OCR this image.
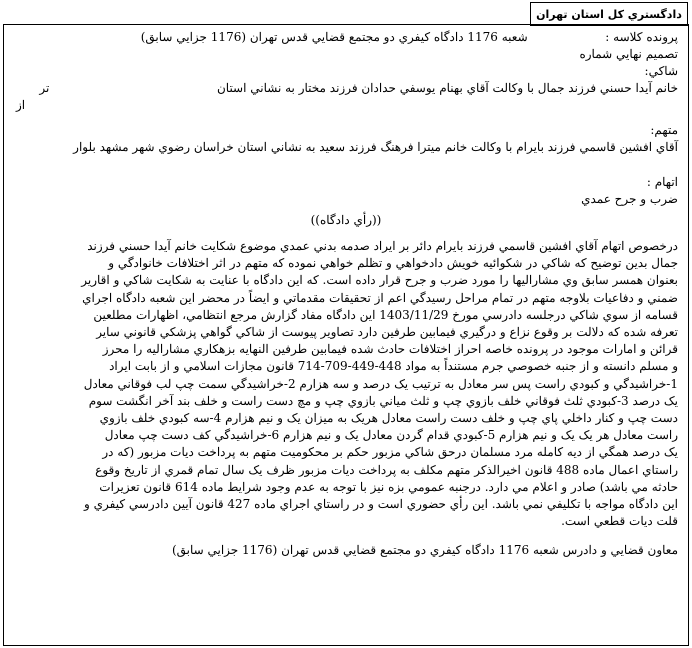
دادگستري کل استان تهران
پرونده کلاسه :  شعبه 1176 دادگاه کيفري دو مجتمع قضايي قدس تهران (1176 جزايي سابق)
تصميم نهايي شماره
شاکي:
خانم آيدا حسني فرزند جمال با وکالت آقاي بهنام يوسفي حدادان فرزند مختار به نشاني استان  تر
از
متهم:
آقاي افشين قاسمي فرزند بايرام با وکالت خانم ميترا فرهنگ فرزند سعيد به نشاني استان خراسان رضوي شهر مشهد بلوار
اتهام :
ضرب و جرح عمدي
((رأي دادگاه))
درخصوص اتهام آقاي افشين قاسمي فرزند بايرام دائر بر ايراد صدمه بدني عمدي موضوع شکايت خانم آيدا حسني فرزند
جمال بدين توضيح که شاکي در شکوائيه خويش دادخواهي و تظلم خواهي نموده که متهم در اثر اختلافات خانوادگي و
بعنوان همسر سابق وي مشاراليها را مورد ضرب و جرح قرار داده است. که اين دادگاه با عنايت به شکايت شاکي و اقارير
ضمني و دفاعيات بلاوجه متهم در تمام مراحل رسيدگي اعم از تحقيقات مقدماتي و ايضاً در محضر اين شعبه دادگاه اجراي
قسامه از سوي شاکي درجلسه دادرسي مورخ 1403/11/29 اين دادگاه مفاد گزارش مرجع انتظامي، اظهارات مطلعين
تعرفه شده که دلالت بر وقوع نزاع و درگيري فيمابين طرفين دارد تصاوير پيوست از شاکي گواهي پزشکي قانوني ساير
قرائن و امارات موجود در پرونده خاصه احراز اختلافات حادث شده فيمابين طرفين النهايه بزهکاري مشاراليه را محرز
و مسلم دانسته و از جنبه خصوصي جرم مستنداً به مواد 448-449-709-714 قانون مجازات اسلامي و از بابت ايراد
1-خراشيدگي و کبودي راست پس سر معادل به ترتيب يک درصد و سه هزارم 2-خراشيدگي سمت چپ لب فوقاني معادل
يک درصد 3-کبودي ثلث فوقاني خلف بازوي چپ و ثلث مياني بازوي چپ و مچ دست راست و خلف بند آخر انگشت سوم
دست چپ و کنار داخلي پاي چپ و خلف دست راست معادل هريک به ميزان يک و نيم هزارم 4-سه کبودي خلف بازوي
راست معادل هر يک يک و نيم هزارم 5-کبودي قدام گردن معادل يک و نيم هزارم 6-خراشيدگي کف دست چپ معادل
يک درصد همگي از ديه کامله مرد مسلمان درحق شاکي مزبور حکم بر محکوميت متهم به پرداخت ديات مزبور (که در
راستاي اعمال ماده 488 قانون اخيرالذکر متهم مکلف به پرداخت ديات مزبور ظرف يک سال تمام قمري از تاريخ وقوع
حادثه مي باشد) صادر و اعلام مي دارد. درجنبه عمومي بزه نيز با توجه به عدم وجود شرايط ماده 614 قانون تعزيرات
اين دادگاه مواجه با تکليفي نمي باشد. اين رأي حضوري است و در راستاي اجراي ماده 427 قانون آيين دادرسي کيفري و
قلت ديات قطعي است.
معاون قضايي و دادرس شعبه 1176 دادگاه کيفري دو مجتمع قضايي قدس تهران (1176 جزايي سابق)
